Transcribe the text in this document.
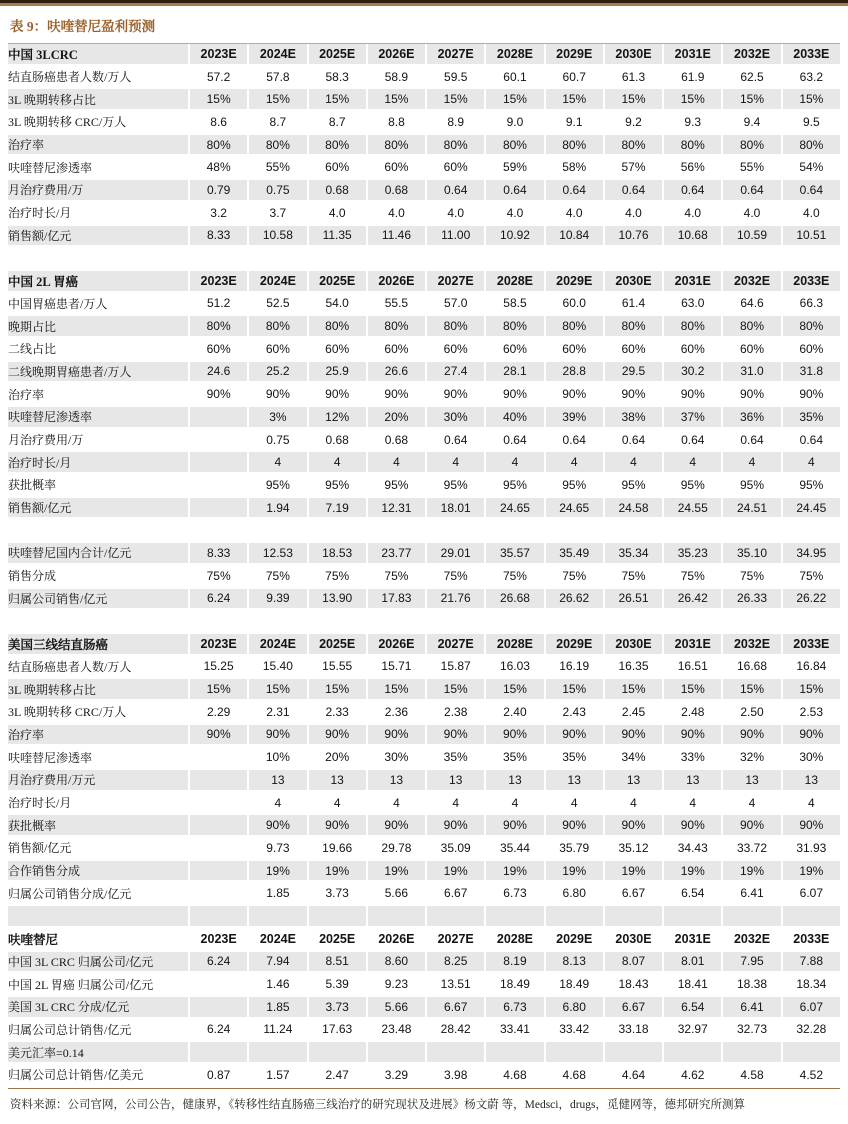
表 9：呋喹替尼盈利预测
中国 3LCRC	2023E	2024E	2025E	2026E	2027E	2028E	2029E	2030E	2031E	2032E	2033E
结直肠癌患者人数/万人	57.2	57.8	58.3	58.9	59.5	60.1	60.7	61.3	61.9	62.5	63.2
3L 晚期转移占比	15%	15%	15%	15%	15%	15%	15%	15%	15%	15%	15%
3L 晚期转移 CRC/万人	8.6	8.7	8.7	8.8	8.9	9.0	9.1	9.2	9.3	9.4	9.5
治疗率	80%	80%	80%	80%	80%	80%	80%	80%	80%	80%	80%
呋喹替尼渗透率	48%	55%	60%	60%	60%	59%	58%	57%	56%	55%	54%
月治疗费用/万	0.79	0.75	0.68	0.68	0.64	0.64	0.64	0.64	0.64	0.64	0.64
治疗时长/月	3.2	3.7	4.0	4.0	4.0	4.0	4.0	4.0	4.0	4.0	4.0
销售额/亿元	8.33	10.58	11.35	11.46	11.00	10.92	10.84	10.76	10.68	10.59	10.51

中国 2L 胃癌	2023E	2024E	2025E	2026E	2027E	2028E	2029E	2030E	2031E	2032E	2033E
中国胃癌患者/万人	51.2	52.5	54.0	55.5	57.0	58.5	60.0	61.4	63.0	64.6	66.3
晚期占比	80%	80%	80%	80%	80%	80%	80%	80%	80%	80%	80%
二线占比	60%	60%	60%	60%	60%	60%	60%	60%	60%	60%	60%
二线晚期胃癌患者/万人	24.6	25.2	25.9	26.6	27.4	28.1	28.8	29.5	30.2	31.0	31.8
治疗率	90%	90%	90%	90%	90%	90%	90%	90%	90%	90%	90%
呋喹替尼渗透率		3%	12%	20%	30%	40%	39%	38%	37%	36%	35%
月治疗费用/万		0.75	0.68	0.68	0.64	0.64	0.64	0.64	0.64	0.64	0.64
治疗时长/月		4	4	4	4	4	4	4	4	4	4
获批概率		95%	95%	95%	95%	95%	95%	95%	95%	95%	95%
销售额/亿元		1.94	7.19	12.31	18.01	24.65	24.65	24.58	24.55	24.51	24.45

呋喹替尼国内合计/亿元	8.33	12.53	18.53	23.77	29.01	35.57	35.49	35.34	35.23	35.10	34.95
销售分成	75%	75%	75%	75%	75%	75%	75%	75%	75%	75%	75%
归属公司销售/亿元	6.24	9.39	13.90	17.83	21.76	26.68	26.62	26.51	26.42	26.33	26.22

美国三线结直肠癌	2023E	2024E	2025E	2026E	2027E	2028E	2029E	2030E	2031E	2032E	2033E
结直肠癌患者人数/万人	15.25	15.40	15.55	15.71	15.87	16.03	16.19	16.35	16.51	16.68	16.84
3L 晚期转移占比	15%	15%	15%	15%	15%	15%	15%	15%	15%	15%	15%
3L 晚期转移 CRC/万人	2.29	2.31	2.33	2.36	2.38	2.40	2.43	2.45	2.48	2.50	2.53
治疗率	90%	90%	90%	90%	90%	90%	90%	90%	90%	90%	90%
呋喹替尼渗透率		10%	20%	30%	35%	35%	35%	34%	33%	32%	30%
月治疗费用/万元		13	13	13	13	13	13	13	13	13	13
治疗时长/月		4	4	4	4	4	4	4	4	4	4
获批概率		90%	90%	90%	90%	90%	90%	90%	90%	90%	90%
销售额/亿元		9.73	19.66	29.78	35.09	35.44	35.79	35.12	34.43	33.72	31.93
合作销售分成		19%	19%	19%	19%	19%	19%	19%	19%	19%	19%
归属公司销售分成/亿元		1.85	3.73	5.66	6.67	6.73	6.80	6.67	6.54	6.41	6.07

呋喹替尼	2023E	2024E	2025E	2026E	2027E	2028E	2029E	2030E	2031E	2032E	2033E
中国 3L CRC 归属公司/亿元	6.24	7.94	8.51	8.60	8.25	8.19	8.13	8.07	8.01	7.95	7.88
中国 2L 胃癌 归属公司/亿元		1.46	5.39	9.23	13.51	18.49	18.49	18.43	18.41	18.38	18.34
美国 3L CRC 分成/亿元		1.85	3.73	5.66	6.67	6.73	6.80	6.67	6.54	6.41	6.07
归属公司总计销售/亿元	6.24	11.24	17.63	23.48	28.42	33.41	33.42	33.18	32.97	32.73	32.28
美元汇率=0.14											
归属公司总计销售/亿美元	0.87	1.57	2.47	3.29	3.98	4.68	4.68	4.64	4.62	4.58	4.52
资料来源：公司官网，公司公告，健康界，《转移性结直肠癌三线治疗的研究现状及进展》杨文蔚 等，Medsci，drugs，觅健网等，德邦研究所测算
